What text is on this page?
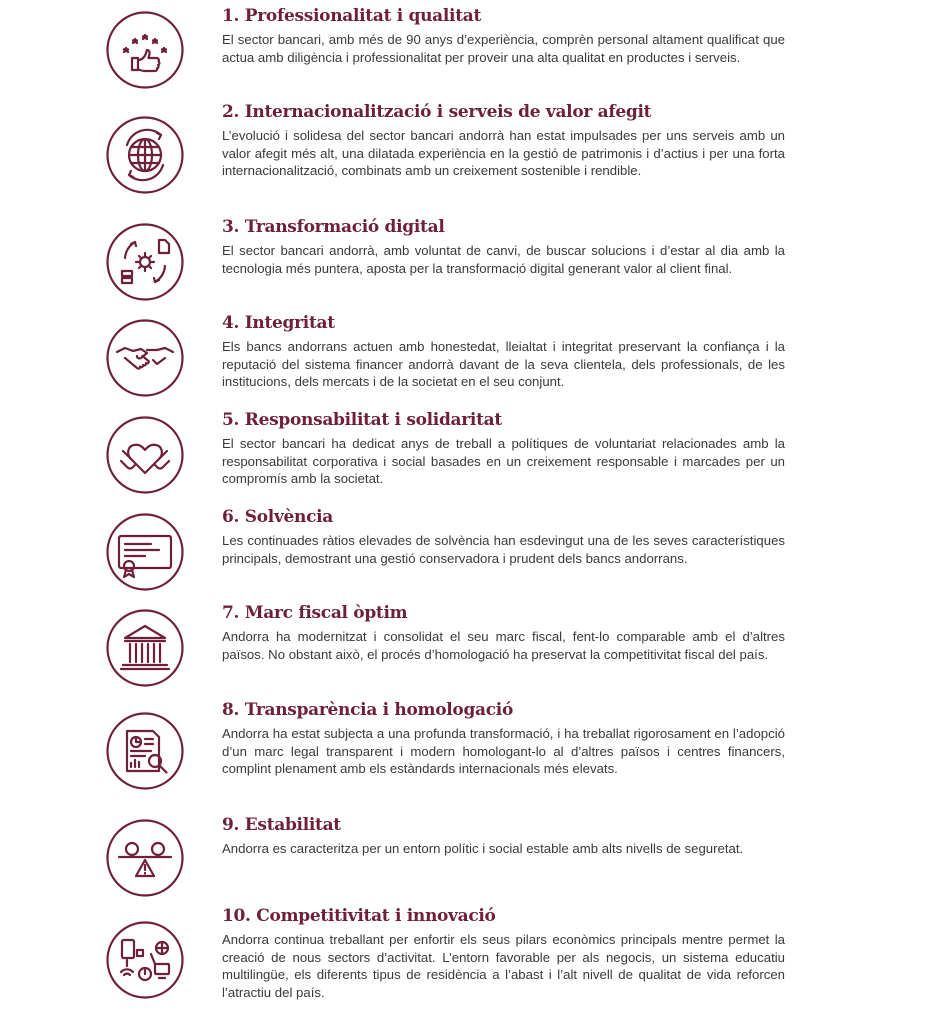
1. Professionalitat i qualitat

El sector bancari, amb més de 90 anys d’experiència, comprèn personal altament qualificat que actua amb diligència i professionalitat per proveir una alta qualitat en productes i serveis.

2. Internacionalització i serveis de valor afegit

L’evolució i solidesa del sector bancari andorrà han estat impulsades per uns serveis amb un valor afegit més alt, una dilatada experiència en la gestió de patrimonis i d’actius i per una forta internacionalització, combinats amb un creixement sostenible i rendible.

3. Transformació digital

El sector bancari andorrà, amb voluntat de canvi, de buscar solucions i d’estar al dia amb la tecnologia més puntera, aposta per la transformació digital generant valor al client final.

4. Integritat

Els bancs andorrans actuen amb honestedat, lleialtat i integritat preservant la confiança i la reputació del sistema financer andorrà davant de la seva clientela, dels professionals, de les institucions, dels mercats i de la societat en el seu conjunt.

5. Responsabilitat i solidaritat

El sector bancari ha dedicat anys de treball a polítiques de voluntariat relacionades amb la responsabilitat corporativa i social basades en un creixement responsable i marcades per un compromís amb la societat.

6. Solvència

Les continuades ràtios elevades de solvència han esdevingut una de les seves característiques principals, demostrant una gestió conservadora i prudent dels bancs andorrans.

7. Marc fiscal òptim

Andorra ha modernitzat i consolidat el seu marc fiscal, fent-lo comparable amb el d’altres països. No obstant això, el procés d’homologació ha preservat la competitivitat fiscal del país.

8. Transparència i homologació

Andorra ha estat subjecta a una profunda transformació, i ha treballat rigorosament en l’adopció d’un marc legal transparent i modern homologant-lo al d’altres països i centres financers, complint plenament amb els estàndards internacionals més elevats.

9. Estabilitat

Andorra es caracteritza per un entorn polític i social estable amb alts nivells de seguretat.

10. Competitivitat i innovació

Andorra continua treballant per enfortir els seus pilars econòmics principals mentre permet la creació de nous sectors d’activitat. L’entorn favorable per als negocis, un sistema educatiu multilingüe, els diferents tipus de residència a l’abast i l’alt nivell de qualitat de vida reforcen l’atractiu del país.
